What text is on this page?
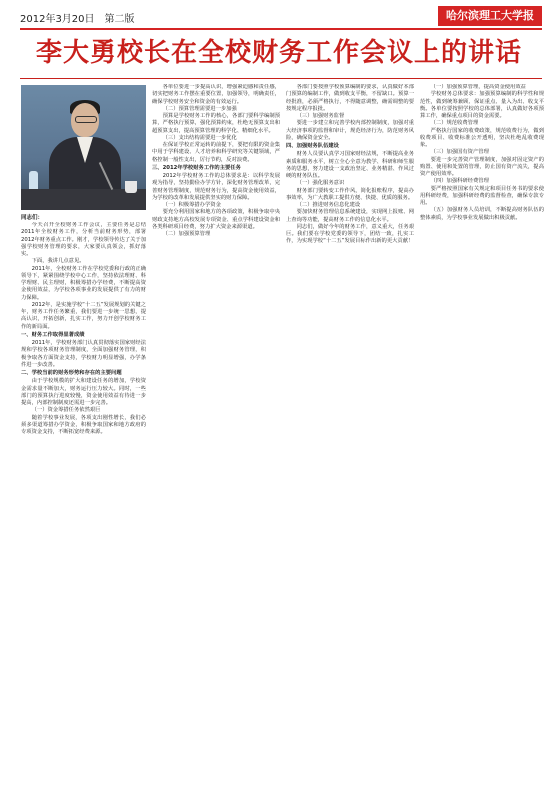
2012年3月20日　第二版	哈尔滨理工大学报
李大勇校长在全校财务工作会议上的讲话
同志们：

今天召开全校财务工作会议，主要任务是总结2011年全校财务工作，分析当前财务形势，部署2012年财务重点工作。刚才，学校领导传达了关于加强学校财务管理的要求，大家要认真领会，抓好落实。

下面，我讲几点意见。

2011年，全校财务工作在学校党委和行政的正确领导下，紧紧围绕学校中心工作，坚持依法理财、科学理财、民主理财，积极筹措办学经费，不断提高资金使用效益，为学校各项事业的发展提供了有力的财力保障。

2012年，是实施学校“十二五”发展规划的关键之年，财务工作任务繁重，我们要进一步统一思想，提高认识，开拓创新，扎实工作，努力开创学校财务工作的新局面。

一、财务工作取得显著成绩

2011年，学校财务部门认真贯彻落实国家财经法规和学校各项财务管理制度，全面加强财务管理，积极争取各方面资金支持，学校财力明显增强，办学条件进一步改善。

二、学校当前的财务形势和存在的主要问题

由于学校规模的扩大和建设任务的增加，学校资金需求量不断加大，财务运行压力较大。同时，一些部门的预算执行进度较慢，资金使用效益有待进一步提高，内部控制制度还需进一步完善。

（一）资金筹措任务依然艰巨

随着学校事业发展，各项支出刚性增长，我们必须多渠道筹措办学资金，积极争取国家和地方政府的专项资金支持，不断拓宽经费来源。

各单位要进一步提高认识，增强紧迫感和责任感，切实把财务工作摆在重要位置，加强领导，明确责任，确保学校财务安全和资金的有效运行。

（二）预算管理需要进一步加强

预算是学校财务工作的核心，各部门要科学编制预算，严格执行预算，强化预算约束，杜绝无预算支出和超预算支出，提高预算管理的科学化、精细化水平。

（三）支出结构需要进一步优化

在保证学校正常运转的前提下，要把有限的资金集中用于学科建设、人才培养和科学研究等关键领域，严格控制一般性支出，厉行节约，反对浪费。

三、2012年学校财务工作的主要任务

2012年学校财务工作的总体要求是：以科学发展观为指导，坚持勤俭办学方针，深化财务管理改革，完善财务管理制度，规范财务行为，提高资金使用效益，为学校的改革和发展提供坚实的财力保障。

（一）积极筹措办学资金

要充分利用国家和地方的各项政策，积极争取中央财政支持地方高校发展专项资金、重点学科建设资金和各类科研项目经费，努力扩大资金来源渠道。

（二）加强预算管理

各部门要按照学校预算编制的要求，认真做好本部门预算的编制工作，做到收支平衡，不留缺口。预算一经批准，必须严格执行，不得随意调整，确需调整的要按规定程序报批。

（三）加强财务监督

要进一步建立和完善学校内部控制制度，加强对重大经济事项的监督和审计，规范经济行为，防范财务风险，确保资金安全。

四、加强财务队伍建设

财务人员要认真学习国家财经法规，不断提高业务素质和服务水平，树立全心全意为教学、科研和师生服务的思想，努力建设一支政治坚定、业务精湛、作风过硬的财务队伍。

（一）强化服务意识

财务部门要转变工作作风，简化报账程序，提高办事效率，为广大教职工提供方便、快捷、优质的服务。

（二）推进财务信息化建设

要加快财务管理信息系统建设，实现网上报账、网上查询等功能，提高财务工作的信息化水平。

同志们，做好今年的财务工作，意义重大，任务艰巨。我们要在学校党委的领导下，团结一致，扎实工作，为实现学校“十二五”发展目标作出新的更大贡献！

（一）加强预算管理，提高资金使用效益

学校财务总体要求：加强预算编制的科学性和规范性，做到统筹兼顾、保证重点、量入为出、收支平衡。各单位要按照学校的总体部署，认真做好各项预算工作，确保重点项目的资金需要。

（二）规范收费管理

严格执行国家的收费政策，规范收费行为，做到收费项目、收费标准公开透明，坚决杜绝乱收费现象。

（三）加强国有资产管理

要进一步完善资产管理制度，加强对固定资产的购置、使用和处置的管理，防止国有资产流失，提高资产使用效率。

（四）加强科研经费管理

要严格按照国家有关规定和项目任务书的要求使用科研经费，加强科研经费的监督检查，确保专款专用。

（五）加强财务人员培训，不断提高财务队伍的整体素质，为学校事业发展做出积极贡献。
